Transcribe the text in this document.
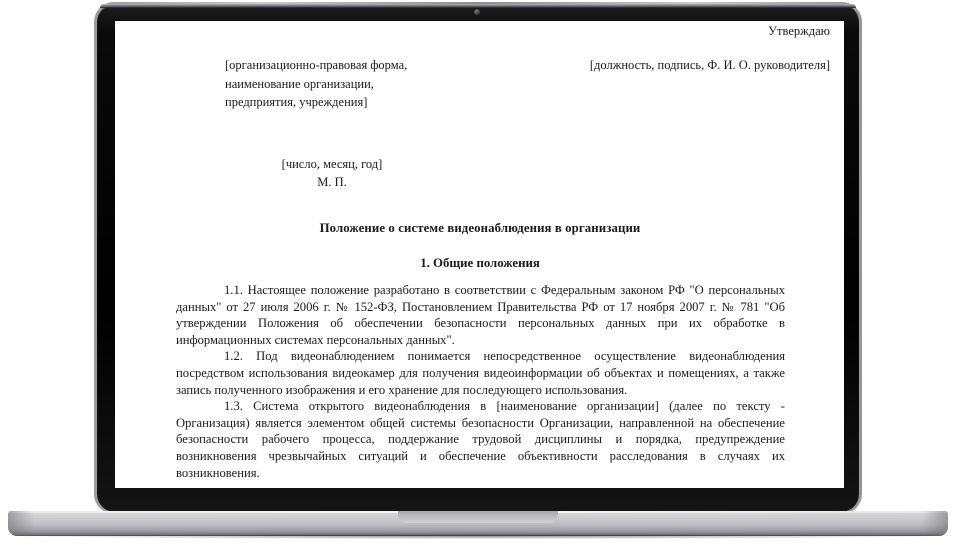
Утверждаю
[организационно-правовая форма, наименование организации, предприятия, учреждения]
[должность, подпись, Ф. И. О. руководителя]
[число, месяц, год]
М. П.
Положение о системе видеонаблюдения в организации
1. Общие положения

1.1. Настоящее положение разработано в соответствии с Федеральным законом РФ "О персональных данных" от 27 июля 2006 г. № 152-ФЗ, Постановлением Правительства РФ от 17 ноября 2007 г. № 781 "Об утверждении Положения об обеспечении безопасности персональных данных при их обработке в информационных системах персональных данных".

1.2. Под видеонаблюдением понимается непосредственное осуществление видеонаблюдения посредством использования видеокамер для получения видеоинформации об объектах и помещениях, а также запись полученного изображения и его хранение для последующего использования.

1.3. Система открытого видеонаблюдения в [наименование организации] (далее по тексту - Организация) является элементом общей системы безопасности Организации, направленной на обеспечение безопасности рабочего процесса, поддержание трудовой дисциплины и порядка, предупреждение возникновения чрезвычайных ситуаций и обеспечение объективности расследования в случаях их возникновения.
